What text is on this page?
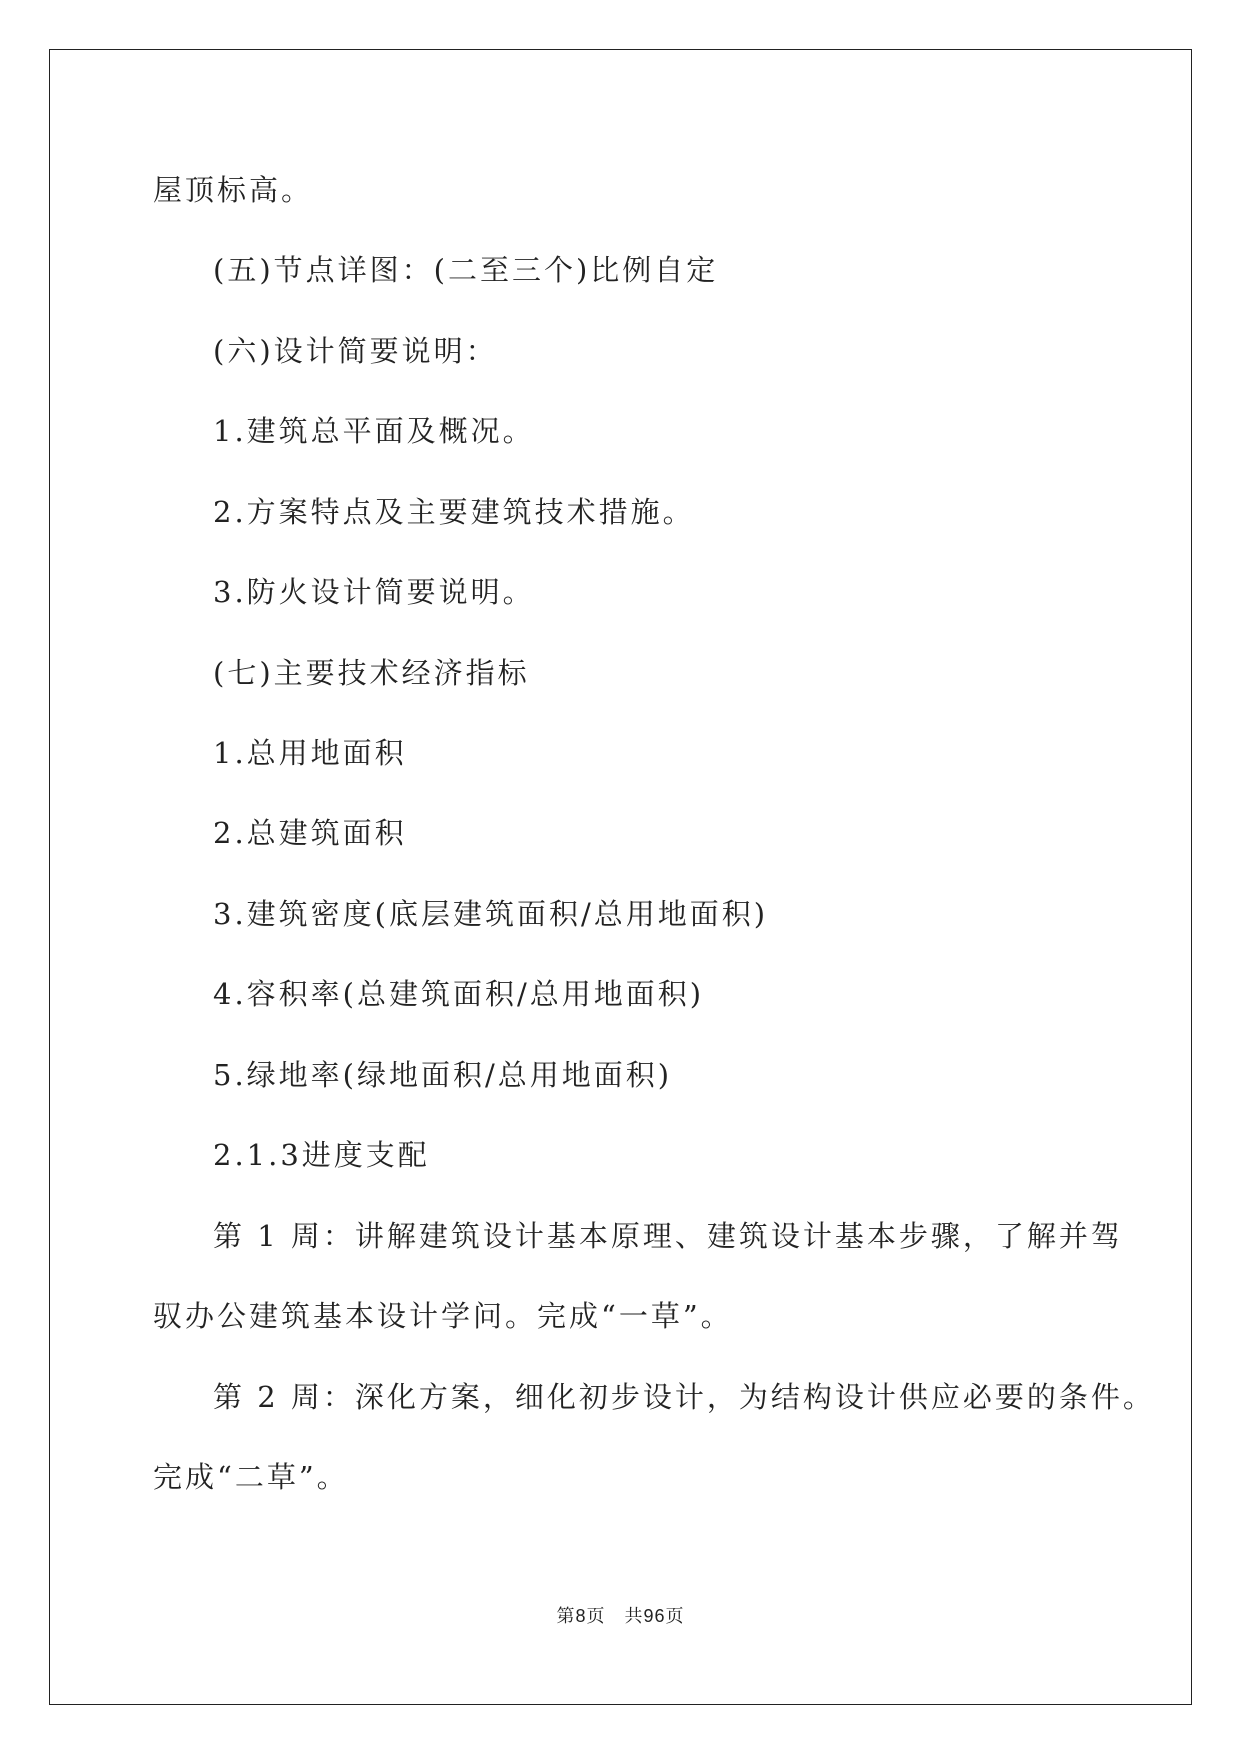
屋顶标高。
(五)节点详图：(二至三个)比例自定
(六)设计简要说明：
1.建筑总平面及概况。
2.方案特点及主要建筑技术措施。
3.防火设计简要说明。
(七)主要技术经济指标
1.总用地面积
2.总建筑面积
3.建筑密度(底层建筑面积/总用地面积)
4.容积率(总建筑面积/总用地面积)
5.绿地率(绿地面积/总用地面积)
2.1.3进度支配
第 1 周：讲解建筑设计基本原理、建筑设计基本步骤，了解并驾
驭办公建筑基本设计学问。完成“一草”。
第 2 周：深化方案，细化初步设计，为结构设计供应必要的条件。
完成“二草”。
第8页　共96页
